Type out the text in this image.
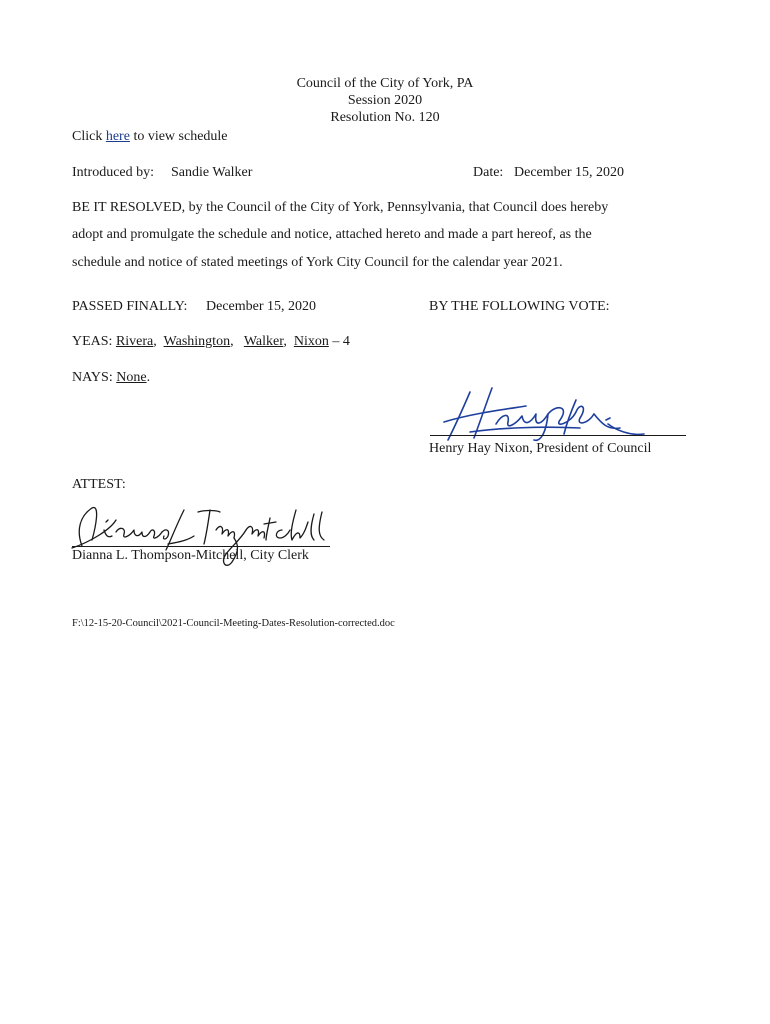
Council of the City of York, PA
Session 2020
Resolution No. 120
Click here to view schedule
Introduced by: Sandie Walker	Date: December 15, 2020
BE IT RESOLVED, by the Council of the City of York, Pennsylvania, that Council does hereby
adopt and promulgate the schedule and notice, attached hereto and made a part hereof, as the
schedule and notice of stated meetings of York City Council for the calendar year 2021.
PASSED FINALLY: December 15, 2020	BY THE FOLLOWING VOTE:
YEAS: Rivera,  Washington,   Walker,  Nixon – 4
NAYS: None.
Henry Hay Nixon, President of Council
ATTEST:
Dianna L. Thompson-Mitchell, City Clerk
F:\12-15-20-Council\2021-Council-Meeting-Dates-Resolution-corrected.doc
